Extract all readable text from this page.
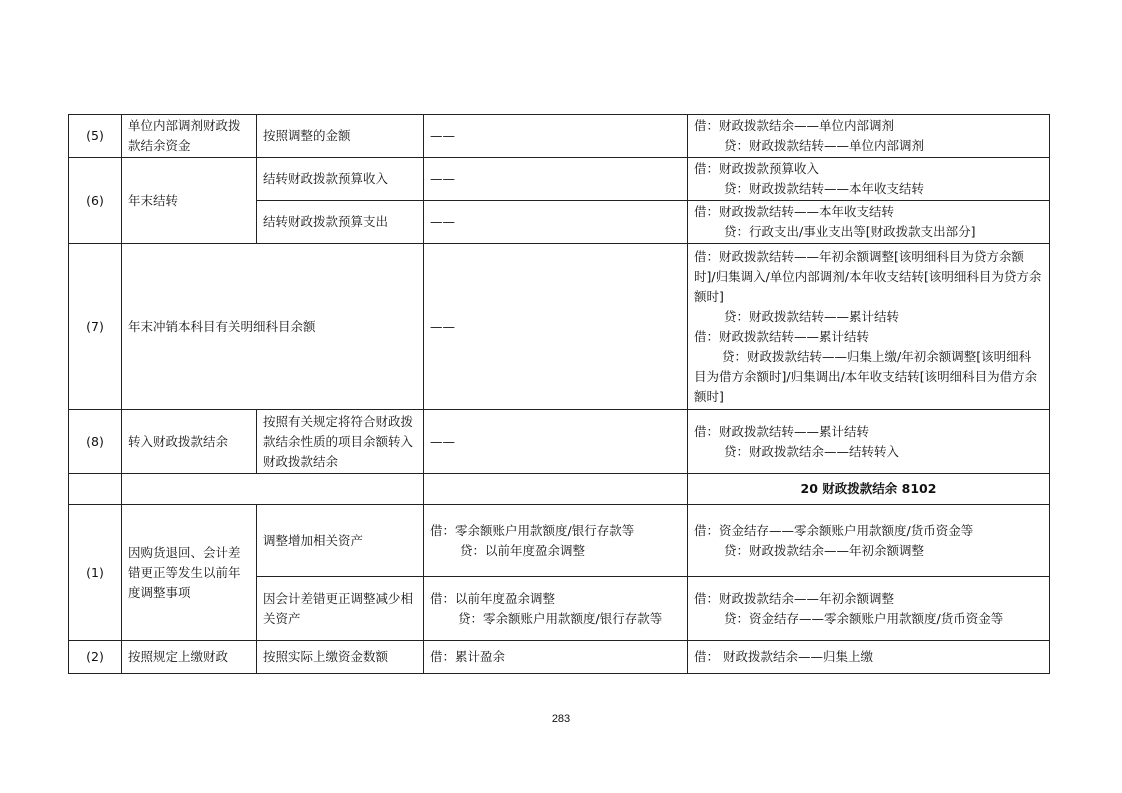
(5)	单位内部调剂财政拨款结余资金	按照调整的金额	——	借：财政拨款结余——单位内部调剂

贷：财政拨款结转——单位内部调剂

(6)	年末结转	结转财政拨款预算收入	——	借：财政拨款预算收入

贷：财政拨款结转——本年收支结转

		结转财政拨款预算支出	——	借：财政拨款结转——本年收支结转

贷：行政支出/事业支出等[财政拨款支出部分]

(7)	年末冲销本科目有关明细科目余额		——	借：财政拨款结转——年初余额调整[该明细科目为贷方余额时]/归集调入/单位内部调剂/本年收支结转[该明细科目为贷方余额时]

贷：财政拨款结转——累计结转
借：财政拨款结转——累计结转
贷：财政拨款结转——归集上缴/年初余额调整[该明细科目为借方余额时]/归集调出/本年收支结转[该明细科目为借方余额时]
(8)	转入财政拨款结余	按照有关规定将符合财政拨款结余性质的项目余额转入财政拨款结余	——	借：财政拨款结转——累计结转

贷：财政拨款结余——结转转入

				20 财政拨款结余 8102
(1)	因购货退回、会计差错更正等发生以前年度调整事项	调整增加相关资产	借：零余额账户用款额度/银行存款等

贷：以前年度盈余调整	借：资金结存——零余额账户用款额度/货币资金等

贷：财政拨款结余——年初余额调整

		因会计差错更正调整减少相关资产	借：以前年度盈余调整
贷：零余额账户用款额度/银行存款等	借：财政拨款结余——年初余额调整

贷：资金结存——零余额账户用款额度/货币资金等

(2)	按照规定上缴财政	按照实际上缴资金数额	借：累计盈余	借： 财政拨款结余——归集上缴
283
